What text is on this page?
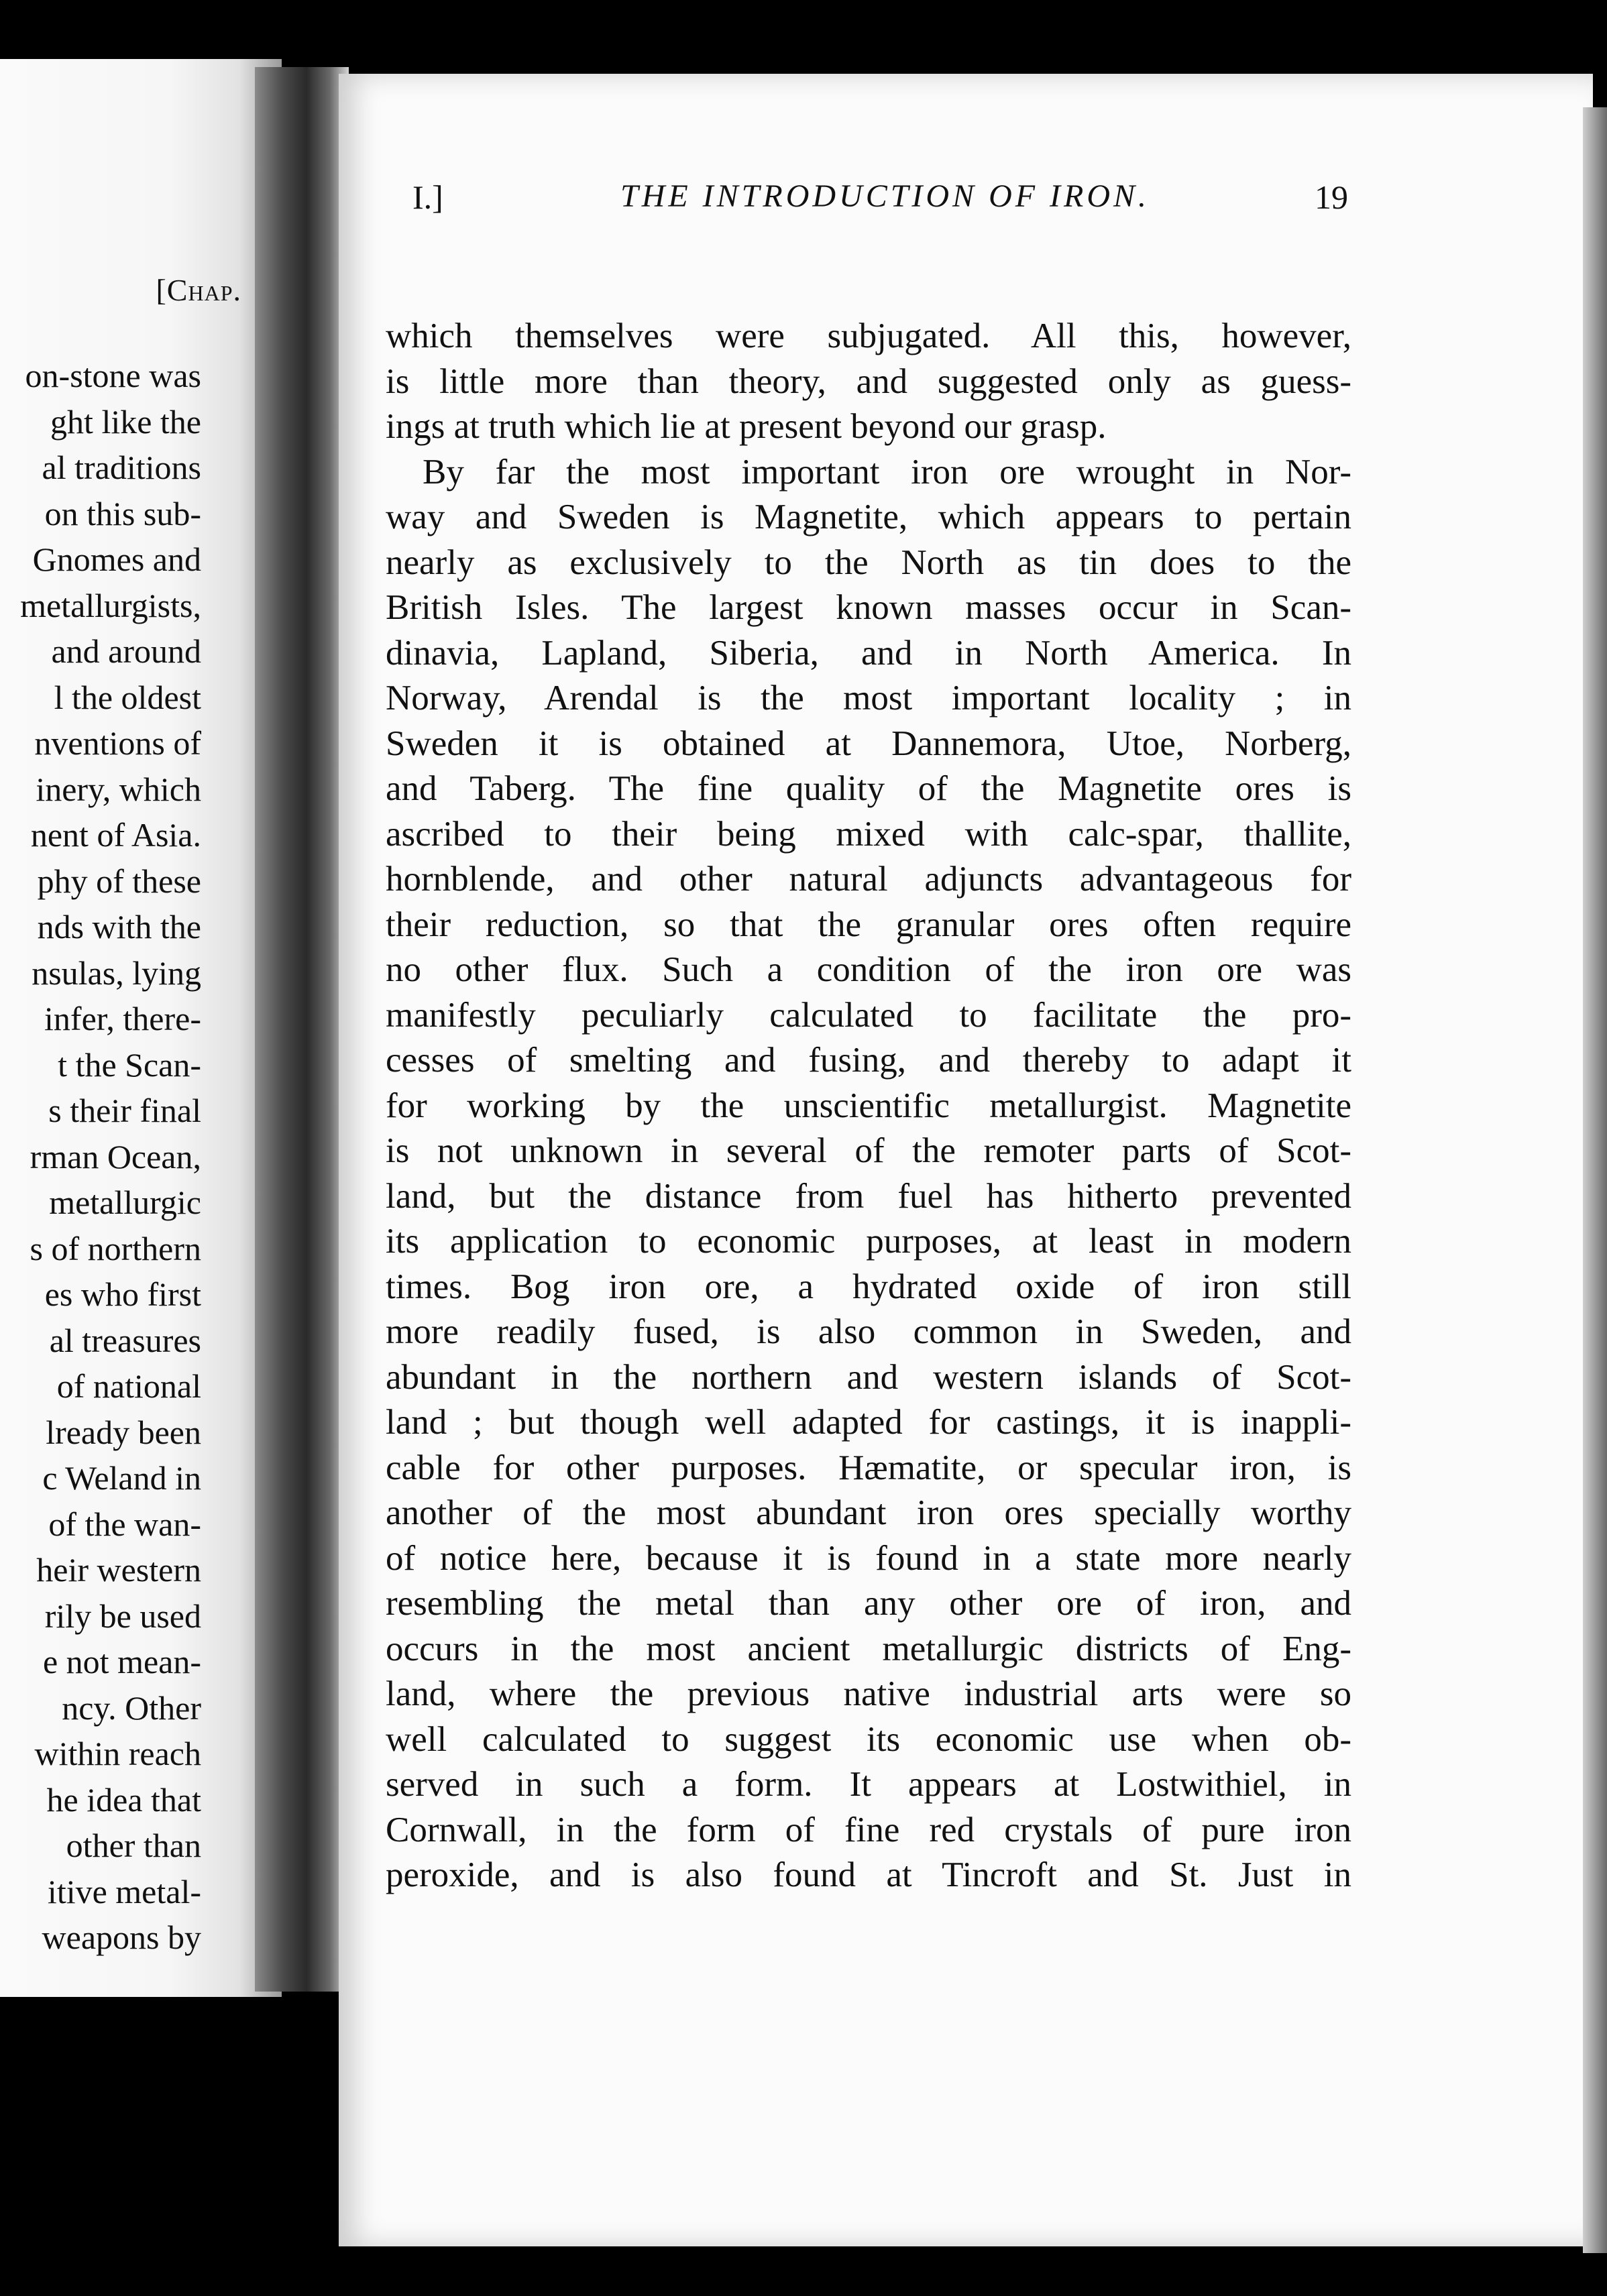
[Chap.
on-stone was
ght like the
al traditions
on this sub-
Gnomes and
metallurgists,
and around
l the oldest
nventions of
inery, which
nent of Asia.
phy of these
nds with the
nsulas, lying
infer, there-
t the Scan-
s their final
rman Ocean,
metallurgic
s of northern
es who first
al treasures
of national
lready been
c Weland in
of the wan-
heir western
rily be used
e not mean-
ncy. Other
within reach
he idea that
other than
itive metal-
weapons by
I.]	THE INTRODUCTION OF IRON.	19
which themselves were subjugated. All this, however,
is little more than theory, and suggested only as guess-
ings at truth which lie at present beyond our grasp.
By far the most important iron ore wrought in Nor-
way and Sweden is Magnetite, which appears to pertain
nearly as exclusively to the North as tin does to the
British Isles. The largest known masses occur in Scan-
dinavia, Lapland, Siberia, and in North America. In
Norway, Arendal is the most important locality ; in
Sweden it is obtained at Dannemora, Utoe, Norberg,
and Taberg. The fine quality of the Magnetite ores is
ascribed to their being mixed with calc-spar, thallite,
hornblende, and other natural adjuncts advantageous for
their reduction, so that the granular ores often require
no other flux. Such a condition of the iron ore was
manifestly peculiarly calculated to facilitate the pro-
cesses of smelting and fusing, and thereby to adapt it
for working by the unscientific metallurgist. Magnetite
is not unknown in several of the remoter parts of Scot-
land, but the distance from fuel has hitherto prevented
its application to economic purposes, at least in modern
times. Bog iron ore, a hydrated oxide of iron still
more readily fused, is also common in Sweden, and
abundant in the northern and western islands of Scot-
land ; but though well adapted for castings, it is inappli-
cable for other purposes. Hæmatite, or specular iron, is
another of the most abundant iron ores specially worthy
of notice here, because it is found in a state more nearly
resembling the metal than any other ore of iron, and
occurs in the most ancient metallurgic districts of Eng-
land, where the previous native industrial arts were so
well calculated to suggest its economic use when ob-
served in such a form. It appears at Lostwithiel, in
Cornwall, in the form of fine red crystals of pure iron
peroxide, and is also found at Tincroft and St. Just in
